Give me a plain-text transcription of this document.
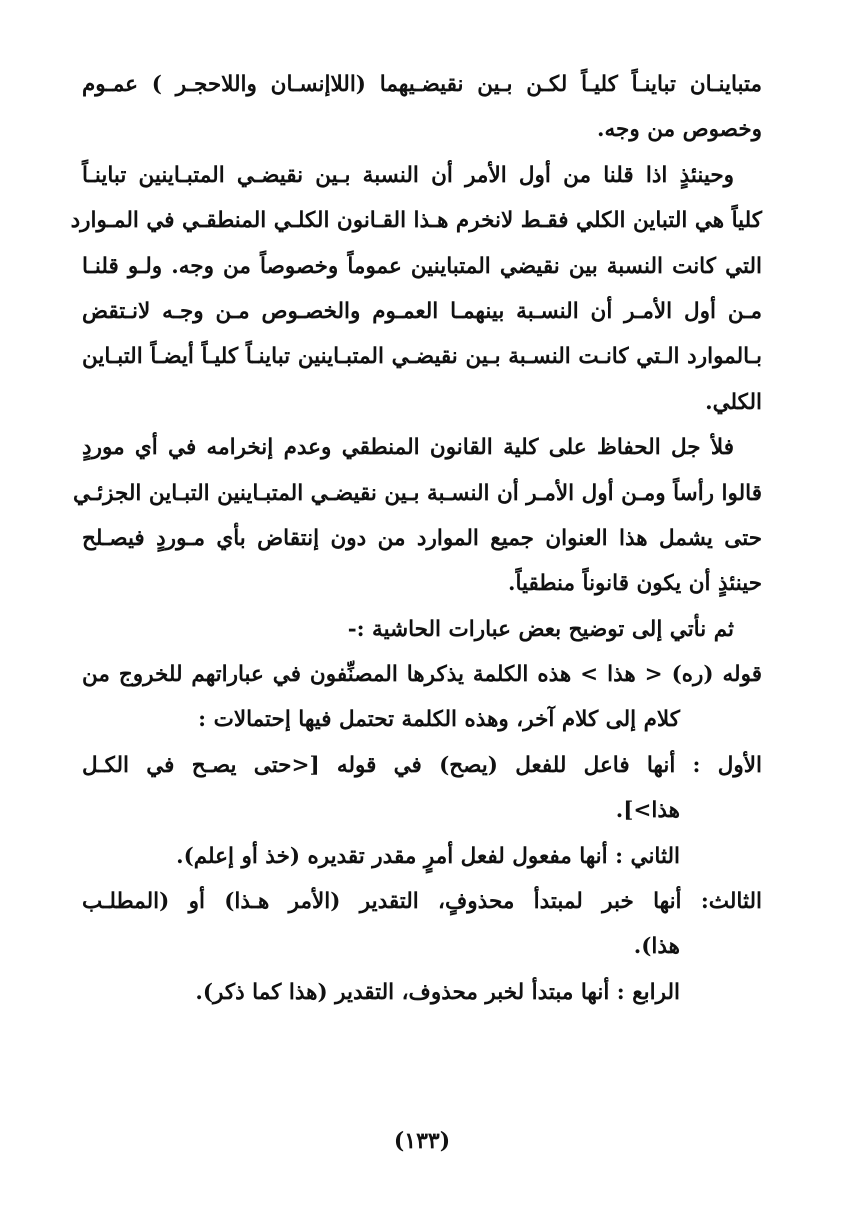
متباينـان تباينـاً كليـاً لكـن بـين نقيضـيهما (اللاإنسـان واللاحجـر ) عمـوم
وخصوص من وجه.
وحينئذٍ اذا قلنا من أول الأمر أن النسبة بـين نقيضـي المتبـاينين تباينـاً
كلياً هي التباين الكلي فقـط لانخرم هـذا القـانون الكلـي المنطقـي في المـوارد
التي كانت النسبة بين نقيضي المتباينين عموماً وخصوصاً من وجه. ولـو قلنـا
مـن أول الأمـر أن النسـبة بينهمـا العمـوم والخصـوص مـن وجـه لانـتقض
بـالموارد الـتي كانـت النسـبة بـين نقيضـي المتبـاينين تباينـاً كليـاً أيضـاً التبـاين
الكلي.
فلأ جل الحفاظ على كلية القانون المنطقي وعدم إنخرامه في أي موردٍ
قالوا رأساً ومـن أول الأمـر أن النسـبة بـين نقيضـي المتبـاينين التبـاين الجزئـي
حتى يشمل هذا العنوان جميع الموارد من دون إنتقاض بأي مـوردٍ فيصـلح
حينئذٍ أن يكون قانوناً منطقياً.
ثم نأتي إلى توضيح بعض عبارات الحاشية :-
قوله (ره) < هذا > هذه الكلمة يذكرها المصنِّفون في عباراتهم للخروج من
كلام إلى كلام آخر، وهذه الكلمة تحتمل فيها إحتمالات :
الأول : أنها فاعل للفعل (يصح) في قوله [<حتى يصـح في الكـل
هذا>].
الثاني : أنها مفعول لفعل أمرٍ مقدر تقديره (خذ أو إعلم).
الثالث: أنها خبر لمبتدأ محذوفٍ، التقدير (الأمر هـذا) أو (المطلـب
هذا).
الرابع : أنها مبتدأ لخبر محذوف، التقدير (هذا كما ذكر).
(١٣٣)
